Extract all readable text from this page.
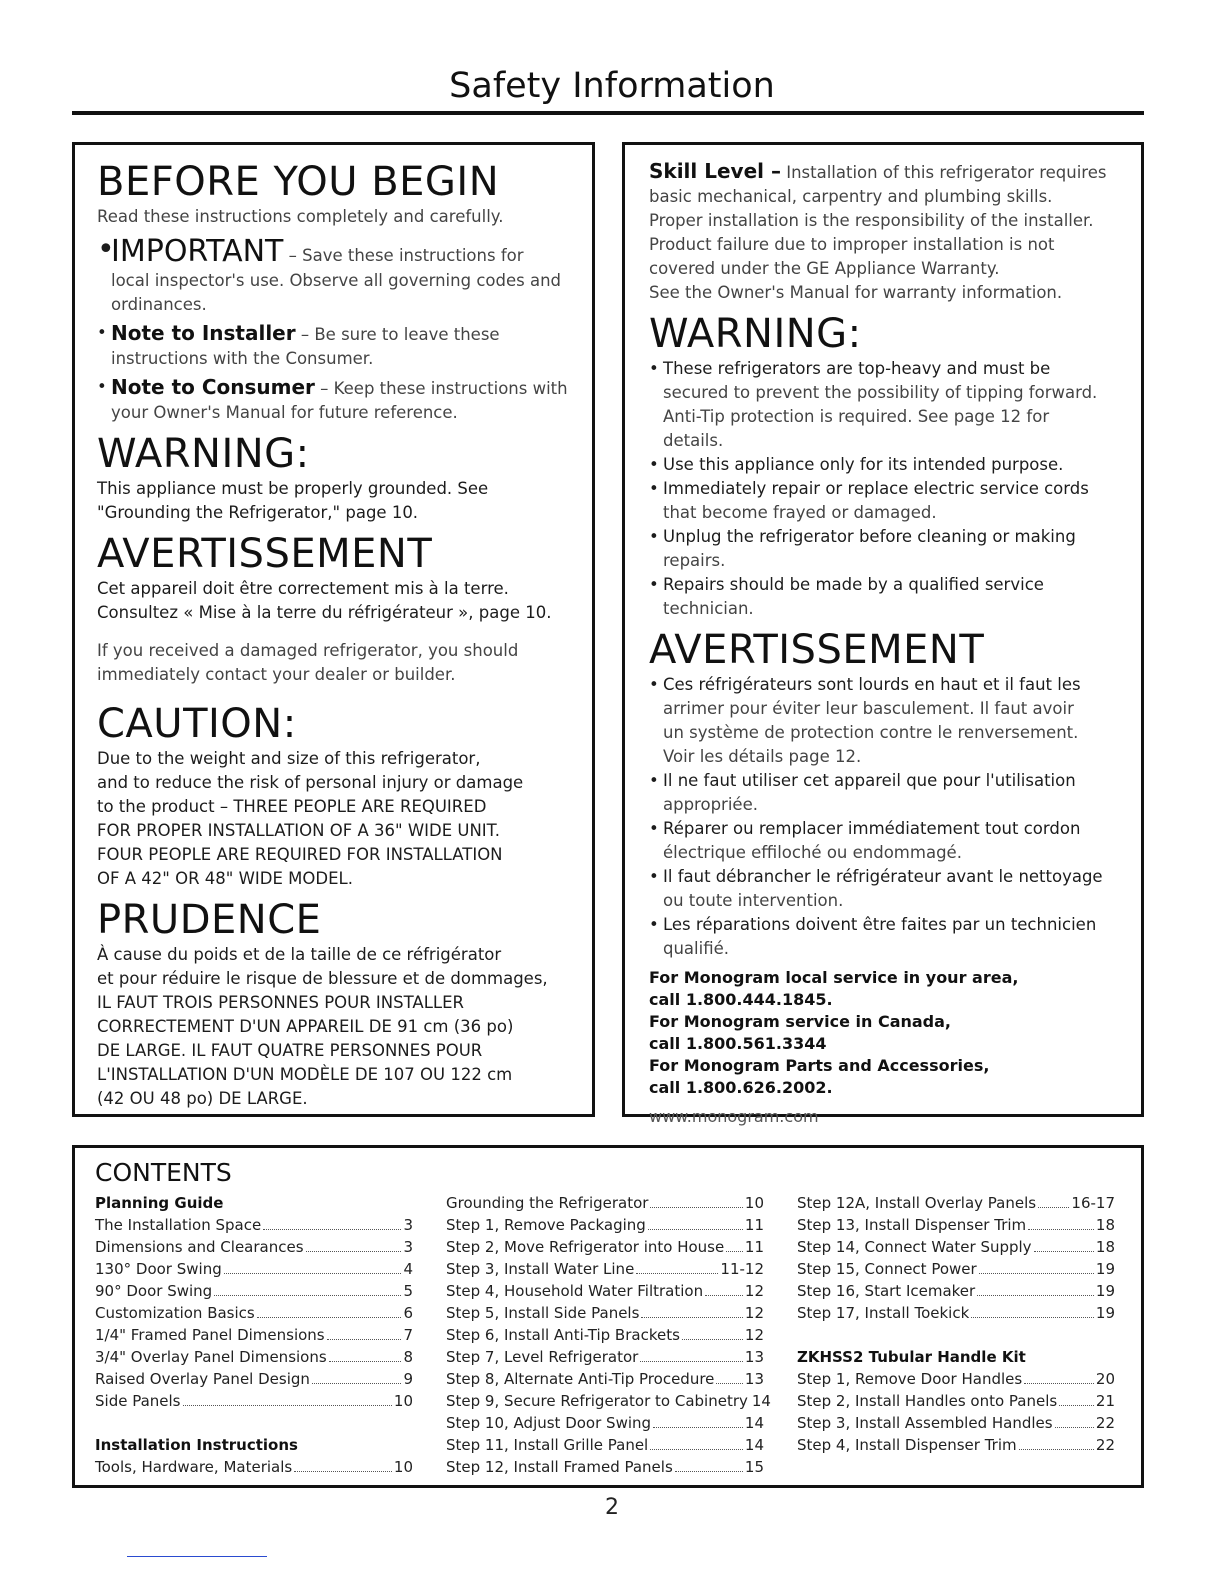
Safety Information
BEFORE YOU BEGIN
Read these instructions completely and carefully.
•
IMPORTANT – Save these instructions for
local inspector's use. Observe all governing codes and
ordinances.
• Note to Installer – Be sure to leave these
instructions with the Consumer.
• Note to Consumer – Keep these instructions with
your Owner's Manual for future reference.
WARNING:
This appliance must be properly grounded. See
"Grounding the Refrigerator," page 10.
AVERTISSEMENT
Cet appareil doit être correctement mis à la terre.
Consultez « Mise à la terre du réfrigérateur », page 10.
If you received a damaged refrigerator, you should
immediately contact your dealer or builder.
CAUTION:
Due to the weight and size of this refrigerator,
and to reduce the risk of personal injury or damage
to the product – THREE PEOPLE ARE REQUIRED
FOR PROPER INSTALLATION OF A 36" WIDE UNIT.
FOUR PEOPLE ARE REQUIRED FOR INSTALLATION
OF A 42" OR 48" WIDE MODEL.
PRUDENCE
À cause du poids et de la taille de ce réfrigérator
et pour réduire le risque de blessure et de dommages,
IL FAUT TROIS PERSONNES POUR INSTALLER
CORRECTEMENT D'UN APPAREIL DE 91 cm (36 po)
DE LARGE. IL FAUT QUATRE PERSONNES POUR
L'INSTALLATION D'UN MODÈLE DE 107 OU 122 cm
(42 OU 48 po) DE LARGE.
Skill Level – Installation of this refrigerator requires
basic mechanical, carpentry and plumbing skills.
Proper installation is the responsibility of the installer.
Product failure due to improper installation is not
covered under the GE Appliance Warranty.
See the Owner's Manual for warranty information.
WARNING:
• These refrigerators are top-heavy and must be
secured to prevent the possibility of tipping forward.
Anti-Tip protection is required. See page 12 for
details.
• Use this appliance only for its intended purpose.
• Immediately repair or replace electric service cords
that become frayed or damaged.
• Unplug the refrigerator before cleaning or making
repairs.
• Repairs should be made by a qualified service
technician.
AVERTISSEMENT
• Ces réfrigérateurs sont lourds en haut et il faut les
arrimer pour éviter leur basculement. Il faut avoir
un système de protection contre le renversement.
Voir les détails page 12.
• Il ne faut utiliser cet appareil que pour l'utilisation
appropriée.
• Réparer ou remplacer immédiatement tout cordon
électrique effiloché ou endommagé.
• Il faut débrancher le réfrigérateur avant le nettoyage
ou toute intervention.
• Les réparations doivent être faites par un technicien
qualifié.
For Monogram local service in your area,
call 1.800.444.1845.
For Monogram service in Canada,
call 1.800.561.3344
For Monogram Parts and Accessories,
call 1.800.626.2002.
www.monogram.com
CONTENTS
Planning Guide
The Installation Space	3
Dimensions and Clearances	3
130° Door Swing	4
90° Door Swing	5
Customization Basics	6
1/4" Framed Panel Dimensions	7
3/4" Overlay Panel Dimensions	8
Raised Overlay Panel Design	9
Side Panels	10
Installation Instructions
Tools, Hardware, Materials	10
Grounding the Refrigerator	10
Step 1, Remove Packaging	11
Step 2, Move Refrigerator into House 11
Step 3, Install Water Line	11-12
Step 4, Household Water Filtration	12
Step 5, Install Side Panels	12
Step 6, Install Anti-Tip Brackets	12
Step 7, Level Refrigerator	13
Step 8, Alternate Anti-Tip Procedure 13
Step 9, Secure Refrigerator to Cabinetry 14
Step 10, Adjust Door Swing	14
Step 11, Install Grille Panel	14
Step 12, Install Framed Panels	15
Step 12A, Install Overlay Panels 16-17
Step 13, Install Dispenser Trim	18
Step 14, Connect Water Supply	18
Step 15, Connect Power	19
Step 16, Start Icemaker	19
Step 17, Install Toekick	19
ZKHSS2 Tubular Handle Kit
Step 1, Remove Door Handles	20
Step 2, Install Handles onto Panels	21
Step 3, Install Assembled Handles	22
Step 4, Install Dispenser Trim	22
2
